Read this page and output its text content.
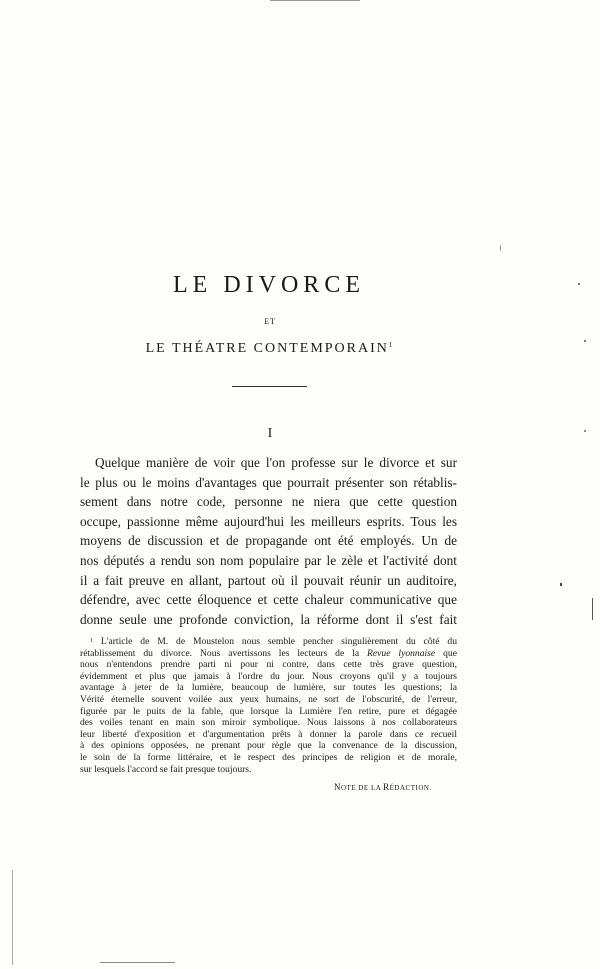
LE DIVORCE
ET
LE THÉATRE CONTEMPORAIN$^1$
I
Quelque manière de voir que l'on professe sur le divorce et sur
le plus ou le moins d'avantages que pourrait présenter son rétablis-
sement dans notre code, personne ne niera que cette question
occupe, passionne même aujourd'hui les meilleurs esprits. Tous les
moyens de discussion et de propagande ont été employés. Un de
nos députés a rendu son nom populaire par le zèle et l'activité dont
il a fait preuve en allant, partout où il pouvait réunir un auditoire,
défendre, avec cette éloquence et cette chaleur communicative que
donne seule une profonde conviction, la réforme dont il s'est fait
$^1$ L'article de M. de Moustelon nous semble pencher singulièrement du côté du
rétablissement du divorce. Nous avertissons les lecteurs de la Revue lyonnaise que
nous n'entendons prendre parti ni pour ni contre, dans cette très grave question,
évidemment et plus que jamais à l'ordre du jour. Nous croyons qu'il y a toujours
avantage à jeter de la lumière, beaucoup de lumière, sur toutes les questions; la
Vérité éternelle souvent voilée aux yeux humains, ne sort de l'obscurité, de l'erreur,
figurée par le puits de la fable, que lorsque la Lumière l'en retire, pure et dégagée
des voiles tenant en main son miroir symbolique. Nous laissons à nos collaborateurs
leur liberté d'exposition et d'argumentation prêts à donner la parole dans ce recueil
à des opinions opposées, ne prenant pour règle que la convenance de la discussion,
le soin de la forme littéraire, et le respect des principes de religion et de morale,
sur lesquels l'accord se fait presque toujours.
NOTE DE LA RÉDACTION.
